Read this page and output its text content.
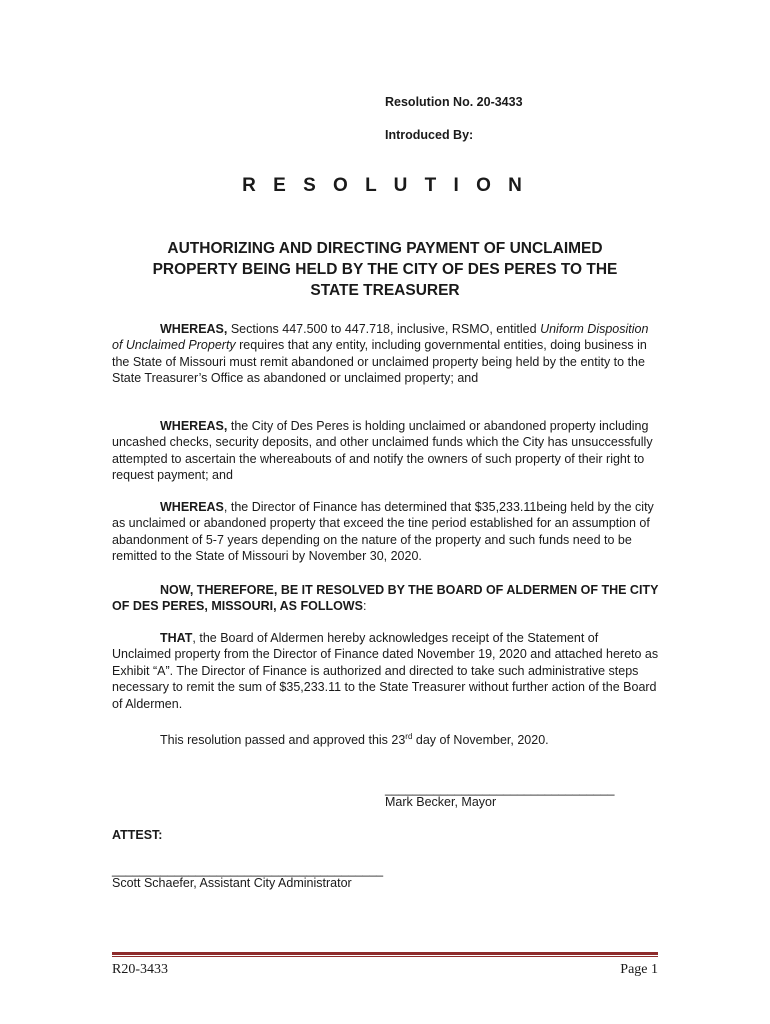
Resolution No. 20-3433
Introduced By:
R E S O L U T I O N
AUTHORIZING AND DIRECTING PAYMENT OF UNCLAIMED
PROPERTY BEING HELD BY THE CITY OF DES PERES TO THE
STATE TREASURER

WHEREAS, Sections 447.500 to 447.718, inclusive, RSMO, entitled Uniform Disposition of Unclaimed Property requires that any entity, including governmental entities, doing business in the State of Missouri must remit abandoned or unclaimed property being held by the entity to the State Treasurer’s Office as abandoned or unclaimed property; and

WHEREAS, the City of Des Peres is holding unclaimed or abandoned property including uncashed checks, security deposits, and other unclaimed funds which the City has unsuccessfully attempted to ascertain the whereabouts of and notify the owners of such property of their right to request payment; and

WHEREAS, the Director of Finance has determined that $35,233.11being held by the city as unclaimed or abandoned property that exceed the tine period established for an assumption of abandonment of 5-7 years depending on the nature of the property and such funds need to be remitted to the State of Missouri by November 30, 2020.

NOW, THEREFORE, BE IT RESOLVED BY THE BOARD OF ALDERMEN OF THE CITY OF DES PERES, MISSOURI, AS FOLLOWS:

THAT, the Board of Aldermen hereby acknowledges receipt of the Statement of Unclaimed property from the Director of Finance dated November 19, 2020 and attached hereto as Exhibit “A”. The Director of Finance is authorized and directed to take such administrative steps necessary to remit the sum of $35,233.11 to the State Treasurer without further action of the Board of Aldermen.

This resolution passed and approved this 23rd day of November, 2020.

_________________________________
Mark Becker, Mayor
ATTEST:
_______________________________________
Scott Schaefer, Assistant City Administrator
R20-3433	Page 1
